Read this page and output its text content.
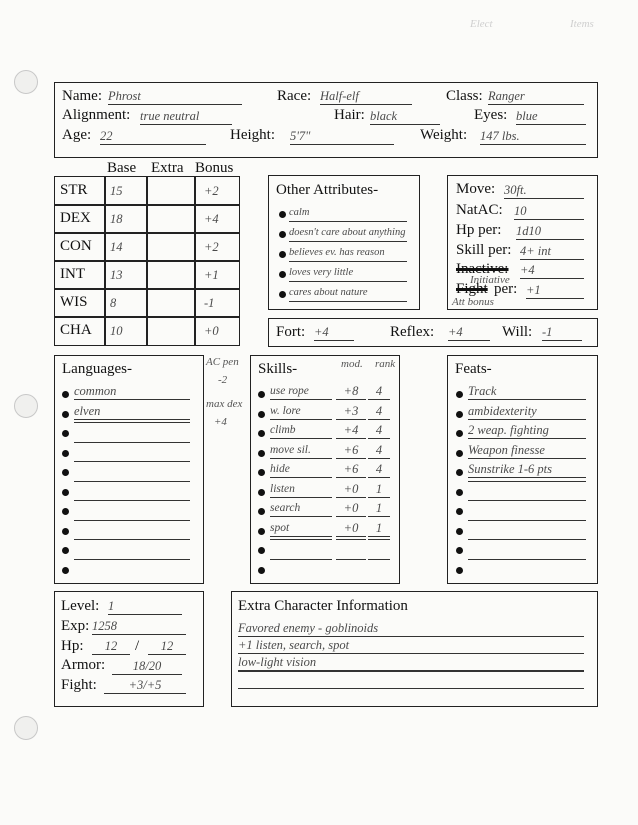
Elect	Items
Name: Phrost	Race: Half-elf	Class: Ranger
Alignment: true neutral	Hair: black	Eyes: blue
Age: 22	Height: 5'7"	Weight: 147 lbs.
Base Extra Bonus
Other Attributes-	Move: 30ft.
NatAC: 10
Hp per: 1d10
Skill per: 4+ int
Inactive: +4
Initiative
Fight per: +1
Att bonus
Fort: +4	Reflex: +4	Will: -1
Languages-	AC pen
-2
max dex
+4
Skills-	mod. rank	Feats-
Level: 1
Exp: 1258
Hp:	12	/	12
Armor:	18/20
Fight:	+3/+5
Extra Character Information
STR 15	+2
DEX 18	+4
CON 14	+2
INT 13	+1
WIS 8	-1
CHA 10	+0
calm
doesn't care about anything
believes ev. has reason
loves very little
cares about nature
common
elven
use rope	+8	4
w. lore	+3	4
climb	+4	4
move sil.	+6	4
hide	+6	4
listen	+0	1
search	+0	1
spot	+0	1
Track
ambidexterity
2 weap. fighting
Weapon finesse
Sunstrike 1-6 pts
Favored enemy - goblinoids
+1 listen, search, spot
low-light vision
